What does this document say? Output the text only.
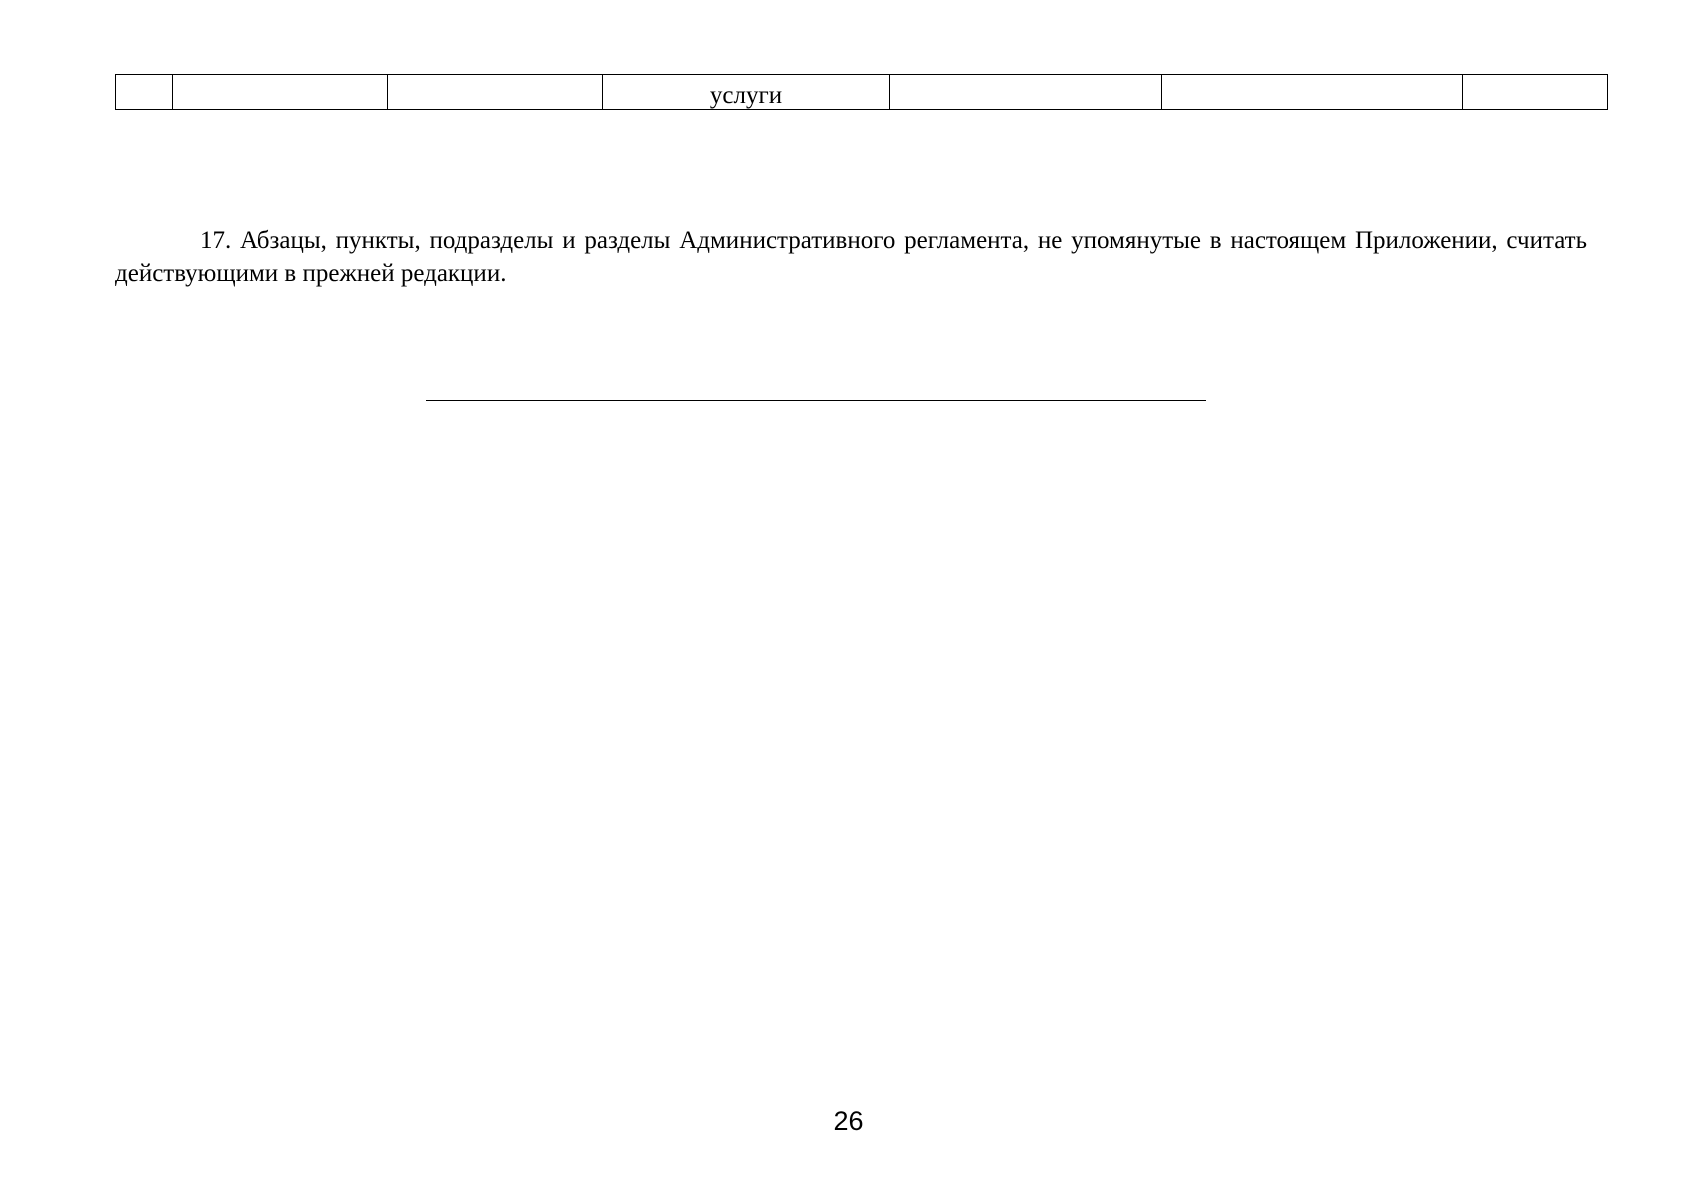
			услуги			

17. Абзацы, пункты, подразделы и разделы Административного регламента, не упомянутые в настоящем Приложении, считать действующими в прежней редакции.

26
